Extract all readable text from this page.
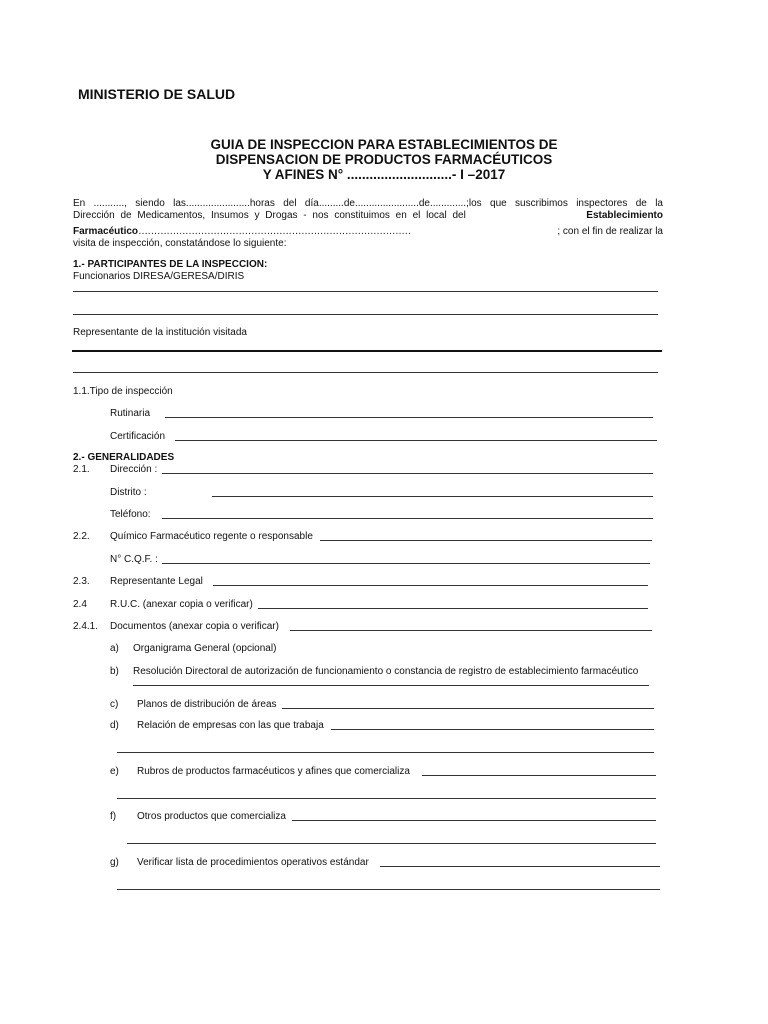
MINISTERIO DE SALUD
GUIA DE INSPECCION PARA ESTABLECIMIENTOS DE
DISPENSACION DE PRODUCTOS FARMACÉUTICOS
Y AFINES N° ............................- I –2017
En ..........., siendo las.......................horas del día.........de.......................de.............;los que suscribimos inspectores de la
Dirección de Medicamentos, Insumos y Drogas - nos constituimos en el local del	Establecimiento
Farmacéutico……………………………………………………………………………	; con el fin de realizar la
visita de inspección, constatándose lo siguiente:
1.- PARTICIPANTES DE LA INSPECCION:
Funcionarios DIRESA/GERESA/DIRIS
Representante de la institución visitada
1.1.Tipo de inspección
Rutinaria
Certificación
2.- GENERALIDADES
2.1. Dirección :
Distrito :
Teléfono:
2.2. Químico Farmacéutico regente o responsable
N° C.Q.F. :
2.3. Representante Legal
2.4 R.U.C. (anexar copia o verificar)
2.4.1. Documentos (anexar copia o verificar)
a) Organigrama General (opcional)
b) Resolución Directoral de autorización de funcionamiento o constancia de registro de establecimiento farmacéutico
c) Planos de distribución de áreas
d) Relación de empresas con las que trabaja
e) Rubros de productos farmacéuticos y afines que comercializa
f) Otros productos que comercializa
g) Verificar lista de procedimientos operativos estándar
